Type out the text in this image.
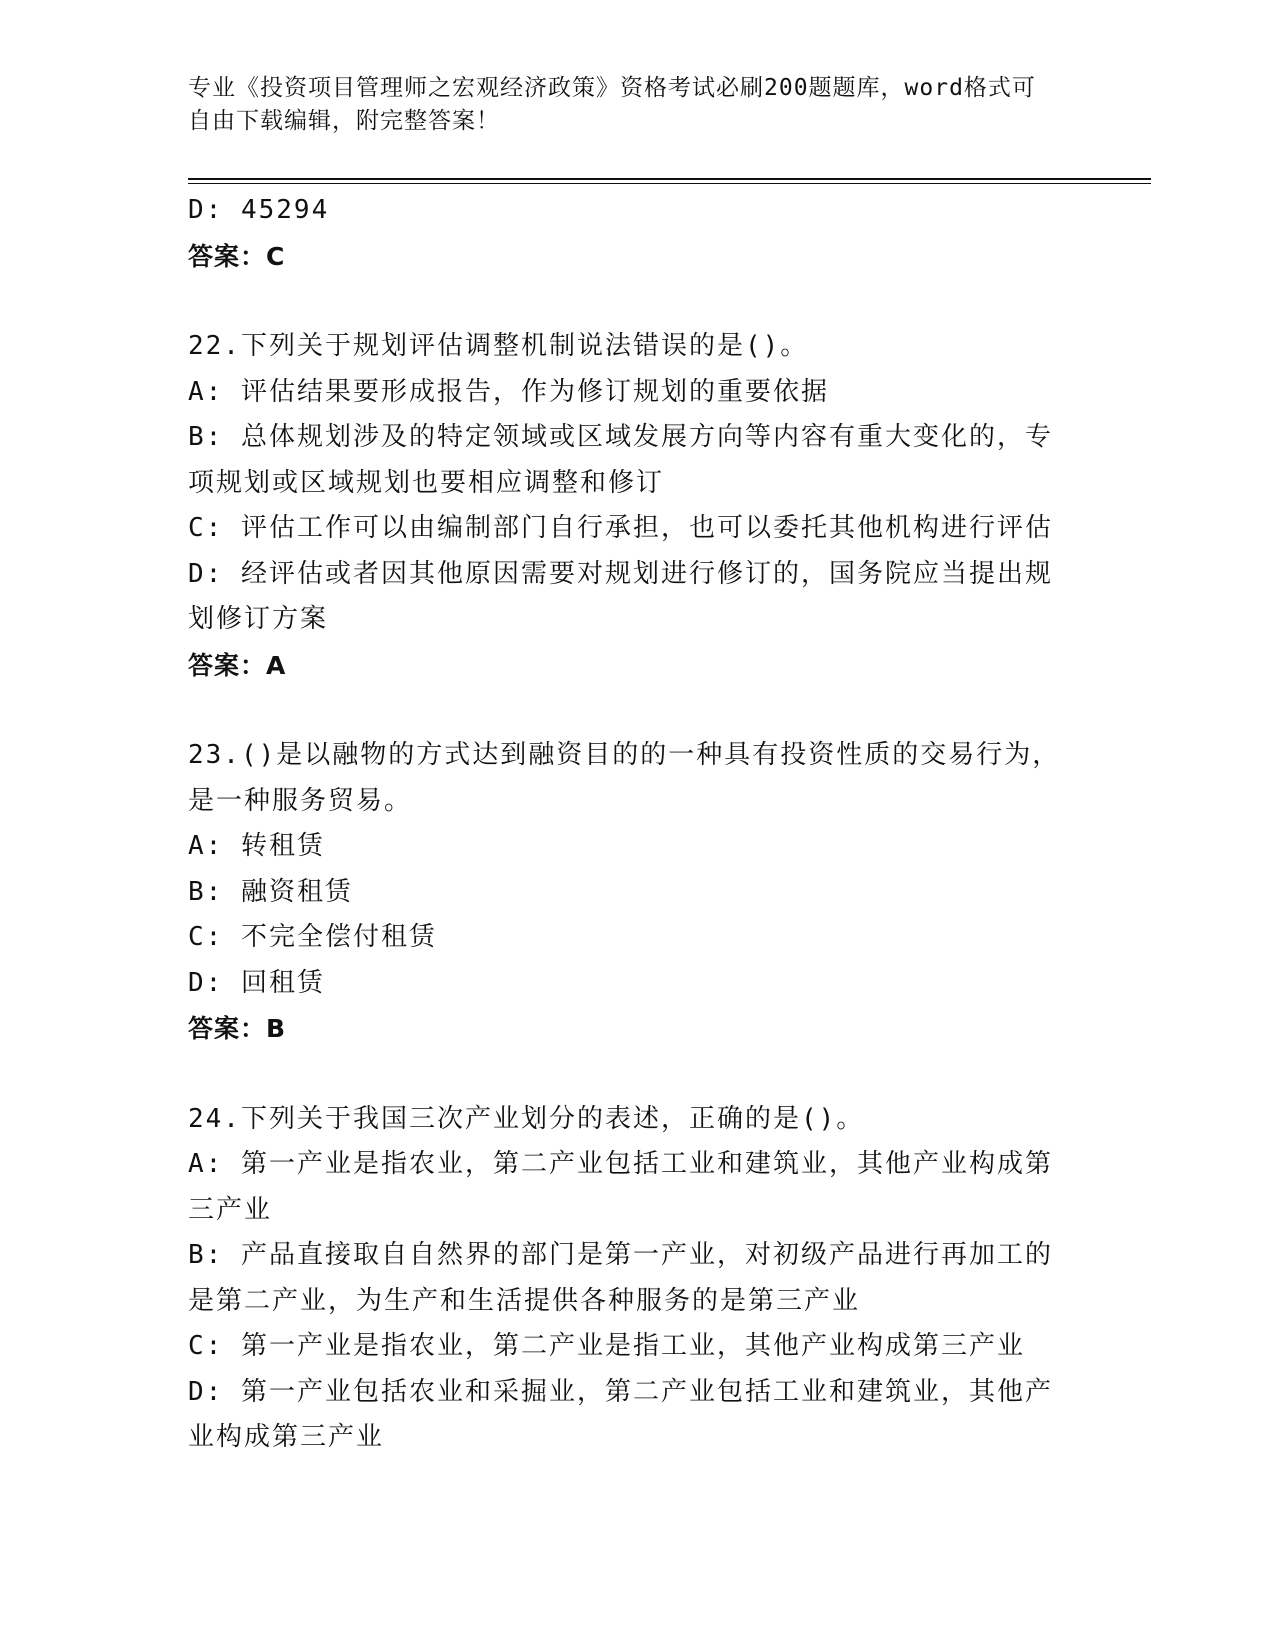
专业《投资项目管理师之宏观经济政策》资格考试必刷200题题库，word格式可
自由下载编辑，附完整答案！
D: 45294
答案：C
22.下列关于规划评估调整机制说法错误的是()。
A: 评估结果要形成报告，作为修订规划的重要依据
B: 总体规划涉及的特定领域或区域发展方向等内容有重大变化的，专
项规划或区域规划也要相应调整和修订
C: 评估工作可以由编制部门自行承担，也可以委托其他机构进行评估
D: 经评估或者因其他原因需要对规划进行修订的，国务院应当提出规
划修订方案
答案：A
23.()是以融物的方式达到融资目的的一种具有投资性质的交易行为，
是一种服务贸易。
A: 转租赁
B: 融资租赁
C: 不完全偿付租赁
D: 回租赁
答案：B
24.下列关于我国三次产业划分的表述，正确的是()。
A: 第一产业是指农业，第二产业包括工业和建筑业，其他产业构成第
三产业
B: 产品直接取自自然界的部门是第一产业，对初级产品进行再加工的
是第二产业，为生产和生活提供各种服务的是第三产业
C: 第一产业是指农业，第二产业是指工业，其他产业构成第三产业
D: 第一产业包括农业和采掘业，第二产业包括工业和建筑业，其他产
业构成第三产业
